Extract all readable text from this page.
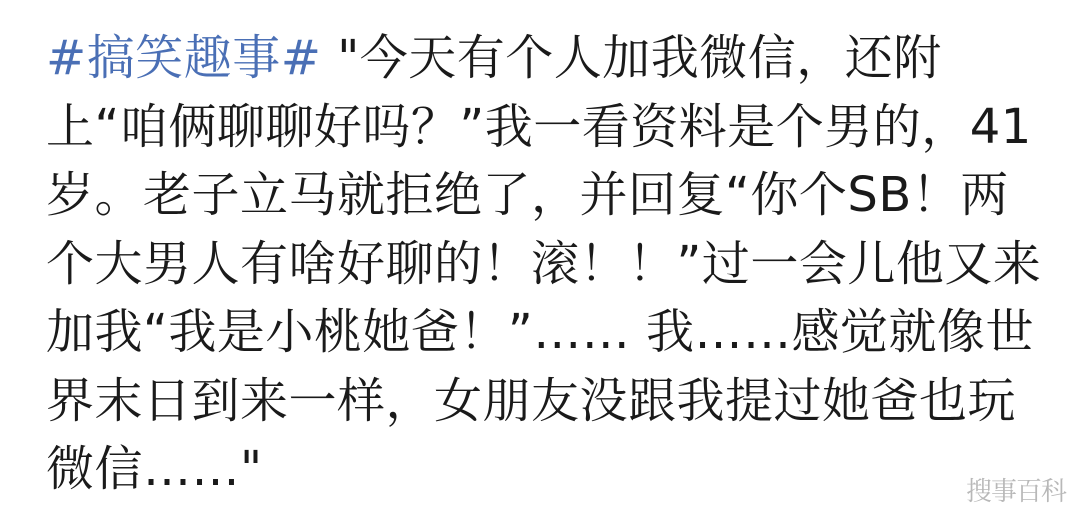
#搞笑趣事# "今天有个人加我微信，还附上“咱俩聊聊好吗？”我一看资料是个男的，41岁。老子立马就拒绝了，并回复“你个SB！两个大男人有啥好聊的！滚！！”过一会儿他又来加我“我是小桃她爸！”…… 我……感觉就像世界末日到来一样，女朋友没跟我提过她爸也玩微信……"	搜事百科
